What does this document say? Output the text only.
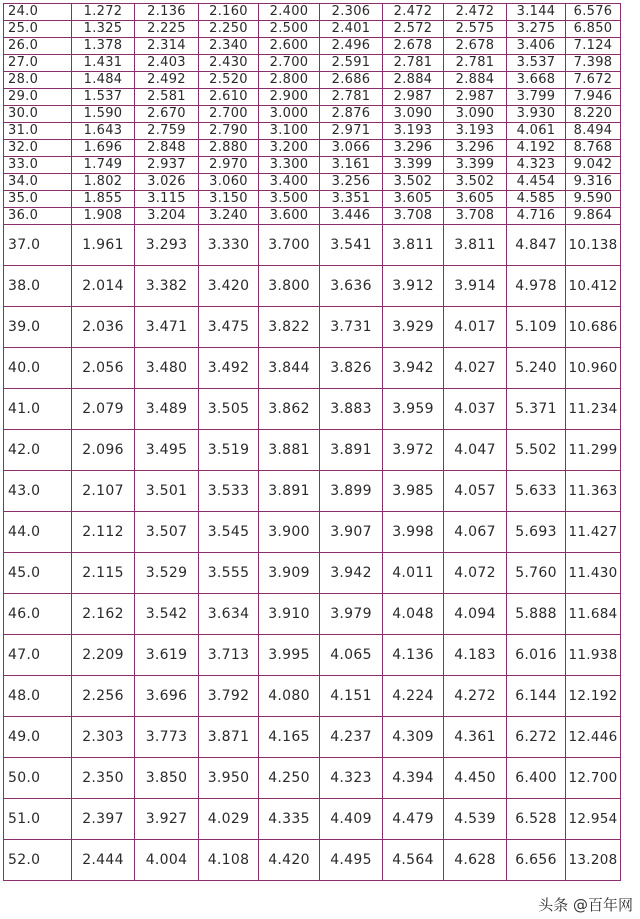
24.0	1.272	2.136	2.160	2.400	2.306	2.472	2.472	3.144	6.576
25.0	1.325	2.225	2.250	2.500	2.401	2.572	2.575	3.275	6.850
26.0	1.378	2.314	2.340	2.600	2.496	2.678	2.678	3.406	7.124
27.0	1.431	2.403	2.430	2.700	2.591	2.781	2.781	3.537	7.398
28.0	1.484	2.492	2.520	2.800	2.686	2.884	2.884	3.668	7.672
29.0	1.537	2.581	2.610	2.900	2.781	2.987	2.987	3.799	7.946
30.0	1.590	2.670	2.700	3.000	2.876	3.090	3.090	3.930	8.220
31.0	1.643	2.759	2.790	3.100	2.971	3.193	3.193	4.061	8.494
32.0	1.696	2.848	2.880	3.200	3.066	3.296	3.296	4.192	8.768
33.0	1.749	2.937	2.970	3.300	3.161	3.399	3.399	4.323	9.042
34.0	1.802	3.026	3.060	3.400	3.256	3.502	3.502	4.454	9.316
35.0	1.855	3.115	3.150	3.500	3.351	3.605	3.605	4.585	9.590
36.0	1.908	3.204	3.240	3.600	3.446	3.708	3.708	4.716	9.864
37.0	1.961	3.293	3.330	3.700	3.541	3.811	3.811	4.847	10.138
38.0	2.014	3.382	3.420	3.800	3.636	3.912	3.914	4.978	10.412
39.0	2.036	3.471	3.475	3.822	3.731	3.929	4.017	5.109	10.686
40.0	2.056	3.480	3.492	3.844	3.826	3.942	4.027	5.240	10.960
41.0	2.079	3.489	3.505	3.862	3.883	3.959	4.037	5.371	11.234
42.0	2.096	3.495	3.519	3.881	3.891	3.972	4.047	5.502	11.299
43.0	2.107	3.501	3.533	3.891	3.899	3.985	4.057	5.633	11.363
44.0	2.112	3.507	3.545	3.900	3.907	3.998	4.067	5.693	11.427
45.0	2.115	3.529	3.555	3.909	3.942	4.011	4.072	5.760	11.430
46.0	2.162	3.542	3.634	3.910	3.979	4.048	4.094	5.888	11.684
47.0	2.209	3.619	3.713	3.995	4.065	4.136	4.183	6.016	11.938
48.0	2.256	3.696	3.792	4.080	4.151	4.224	4.272	6.144	12.192
49.0	2.303	3.773	3.871	4.165	4.237	4.309	4.361	6.272	12.446
50.0	2.350	3.850	3.950	4.250	4.323	4.394	4.450	6.400	12.700
51.0	2.397	3.927	4.029	4.335	4.409	4.479	4.539	6.528	12.954
52.0	2.444	4.004	4.108	4.420	4.495	4.564	4.628	6.656	13.208
头条 @百年网
